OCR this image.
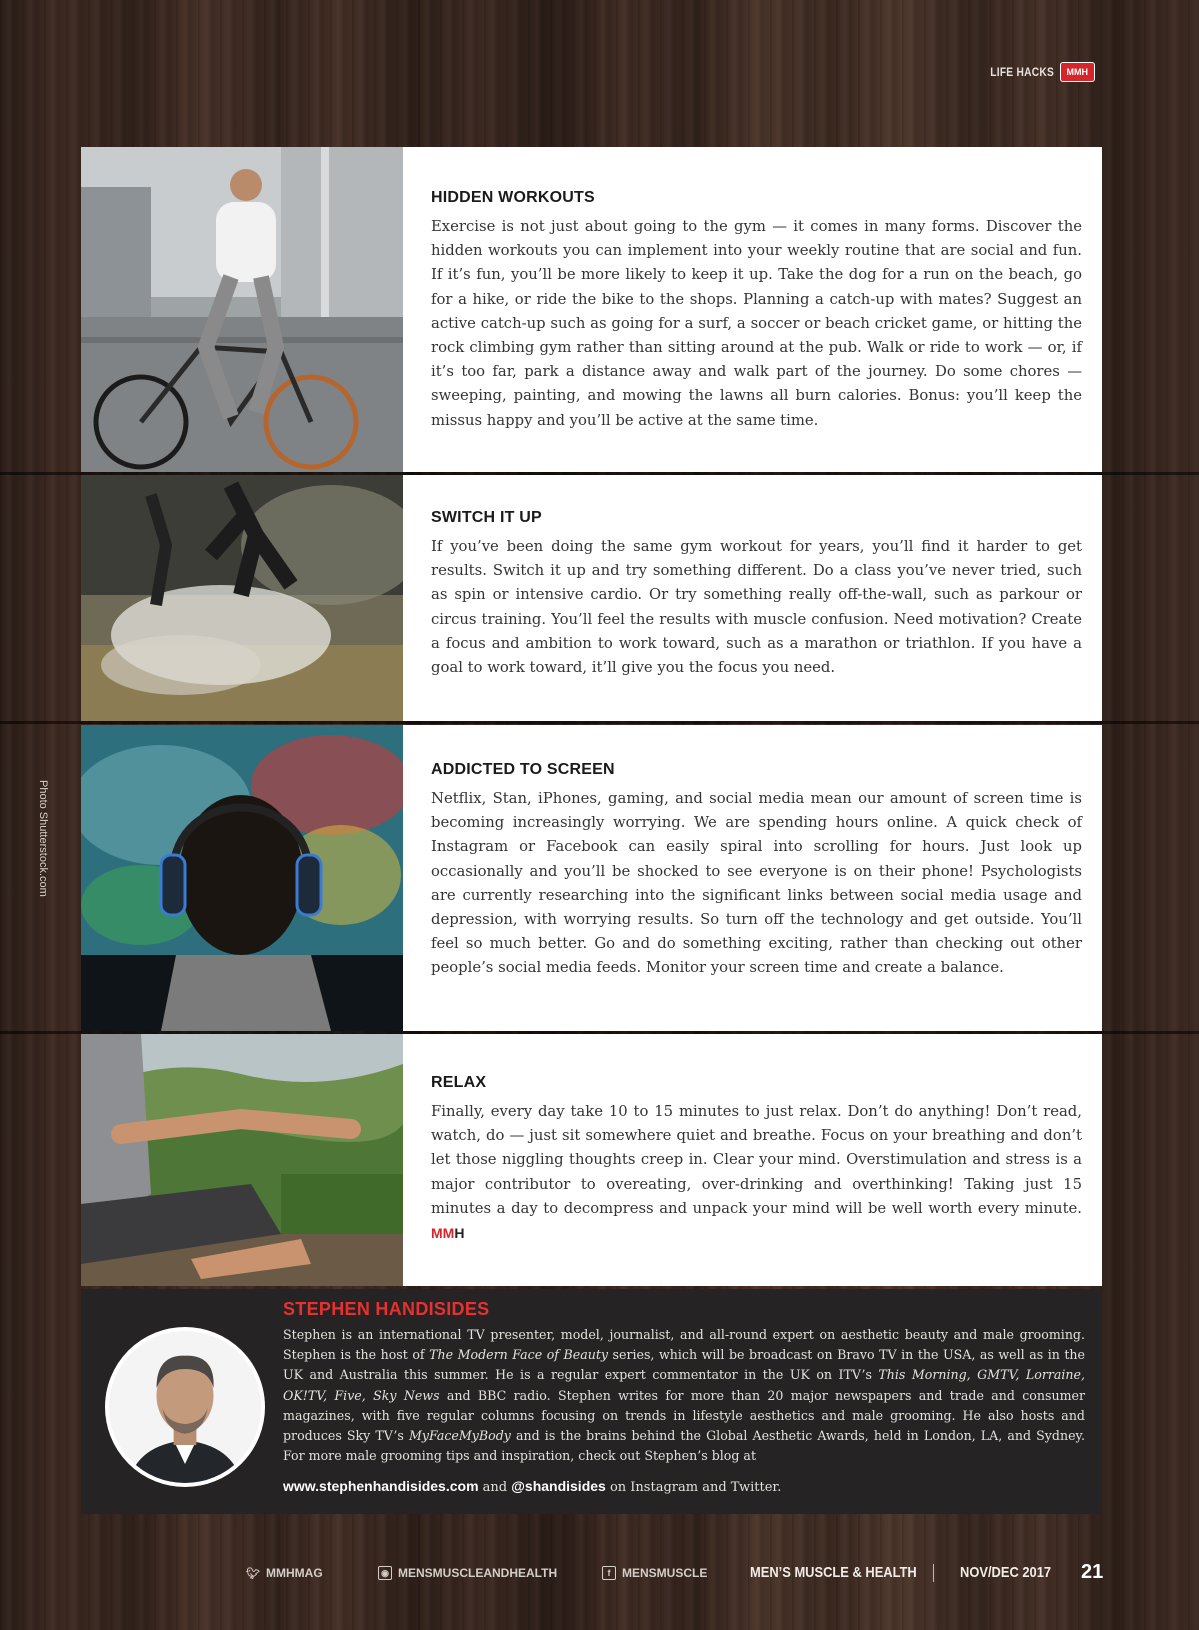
LIFE HACKS	MMH
Photo Shutterstock.com
HIDDEN WORKOUTS

Exercise is not just about going to the gym — it comes in many forms. Discover the hidden workouts you can implement into your weekly routine that are social and fun. If it’s fun, you’ll be more likely to keep it up. Take the dog for a run on the beach, go for a hike, or ride the bike to the shops. Planning a catch-up with mates? Suggest an active catch-up such as going for a surf, a soccer or beach cricket game, or hitting the rock climbing gym rather than sitting around at the pub. Walk or ride to work — or, if it’s too far, park a distance away and walk part of the journey. Do some chores — sweeping, painting, and mowing the lawns all burn calories. Bonus: you’ll keep the missus happy and you’ll be active at the same time.

SWITCH IT UP

If you’ve been doing the same gym workout for years, you’ll find it harder to get results. Switch it up and try something different. Do a class you’ve never tried, such as spin or intensive cardio. Or try something really off-the-wall, such as parkour or circus training. You’ll feel the results with muscle confusion. Need motivation? Create a focus and ambition to work toward, such as a marathon or triathlon. If you have a goal to work toward, it’ll give you the focus you need.

ADDICTED TO SCREEN

Netflix, Stan, iPhones, gaming, and social media mean our amount of screen time is becoming increasingly worrying. We are spending hours online. A quick check of Instagram or Facebook can easily spiral into scrolling for hours. Just look up occasionally and you’ll be shocked to see everyone is on their phone! Psychologists are currently researching into the significant links between social media usage and depression, with worrying results. So turn off the technology and get outside. You’ll feel so much better. Go and do something exciting, rather than checking out other people’s social media feeds. Monitor your screen time and create a balance.

RELAX

Finally, every day take 10 to 15 minutes to just relax. Don’t do anything! Don’t read, watch, do — just sit somewhere quiet and breathe. Focus on your breathing and don’t let those niggling thoughts creep in. Clear your mind. Overstimulation and stress is a major contributor to overeating, over-drinking and overthinking! Taking just 15 minutes a day to decompress and unpack your mind will be well worth every minute. MMH

STEPHEN HANDISIDES
Stephen is an international TV presenter, model, journalist, and all-round expert on aesthetic beauty and male grooming. Stephen is the host of The Modern Face of Beauty series, which will be broadcast on Bravo TV in the USA, as well as in the UK and Australia this summer. He is a regular expert commentator in the UK on ITV’s This Morning, GMTV, Lorraine, OK!TV, Five, Sky News and BBC radio. Stephen writes for more than 20 major newspapers and trade and consumer magazines, with five regular columns focusing on trends in lifestyle aesthetics and male grooming. He also hosts and produces Sky TV’s MyFaceMyBody and is the brains behind the Global Aesthetic Awards, held in London, LA, and Sydney. For more male grooming tips and inspiration, check out Stephen’s blog at
www.stephenhandisides.com and @shandisides on Instagram and Twitter.
🐦︎ MMHMAG	◉ MENSMUSCLEANDHEALTH	f MENSMUSCLE	MEN’S MUSCLE & HEALTH	NOV/DEC 2017 21
